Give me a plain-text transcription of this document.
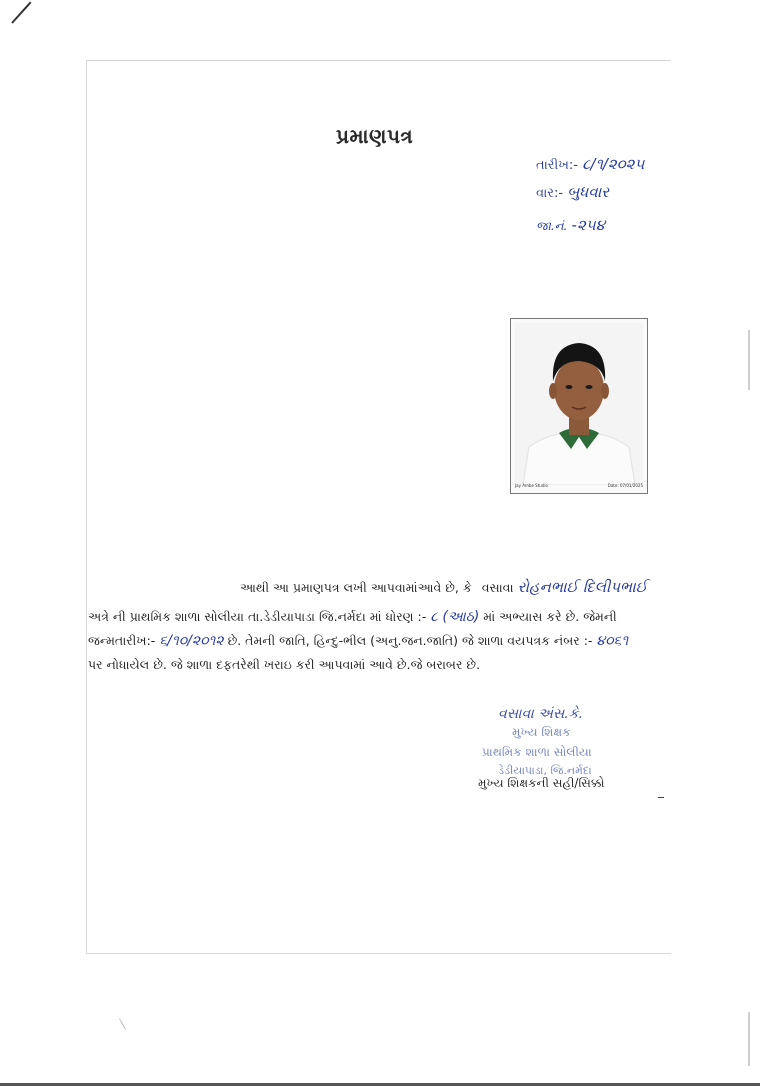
પ્રમાણપત્ર
તારીખ:- ૮/૧/૨૦૨૫
વાર:- બુધવાર
જા.નં. -૨૫૪
Jay Ambe Studio	Date: 07/01/2025
આથી આ પ્રમાણપત્ર લખી આપવામાંઆવે છે, કે વસાવા રોહનભાઈ દિલીપભાઈ
અત્રે ની પ્રાથમિક શાળા સોલીયા તા.ડેડીયાપાડા જિ.નર્મદા માં ધોરણ :- ૮ (આઠ) માં અભ્યાસ કરે છે. જેમની
જન્મતારીખ:- ૬/૧૦/૨૦૧૨ છે. તેમની જાતિ, હિન્દુ-ભીલ (અનુ.જન.જાતિ) જે શાળા વયપત્રક નંબર :- ૪૦૬૧
પર નોધાયેલ છે. જે શાળા દફતરેથી ખરાઇ કરી આપવામાં આવે છે.જે બરાબર છે.
વસાવા અંસ.કે.
મુખ્ય શિક્ષક
પ્રાથમિક શાળા સોલીયા
ડેડીયાપાડા, જિ.નર્મદા
મુખ્ય શિક્ષકની સહી/સિક્કો
